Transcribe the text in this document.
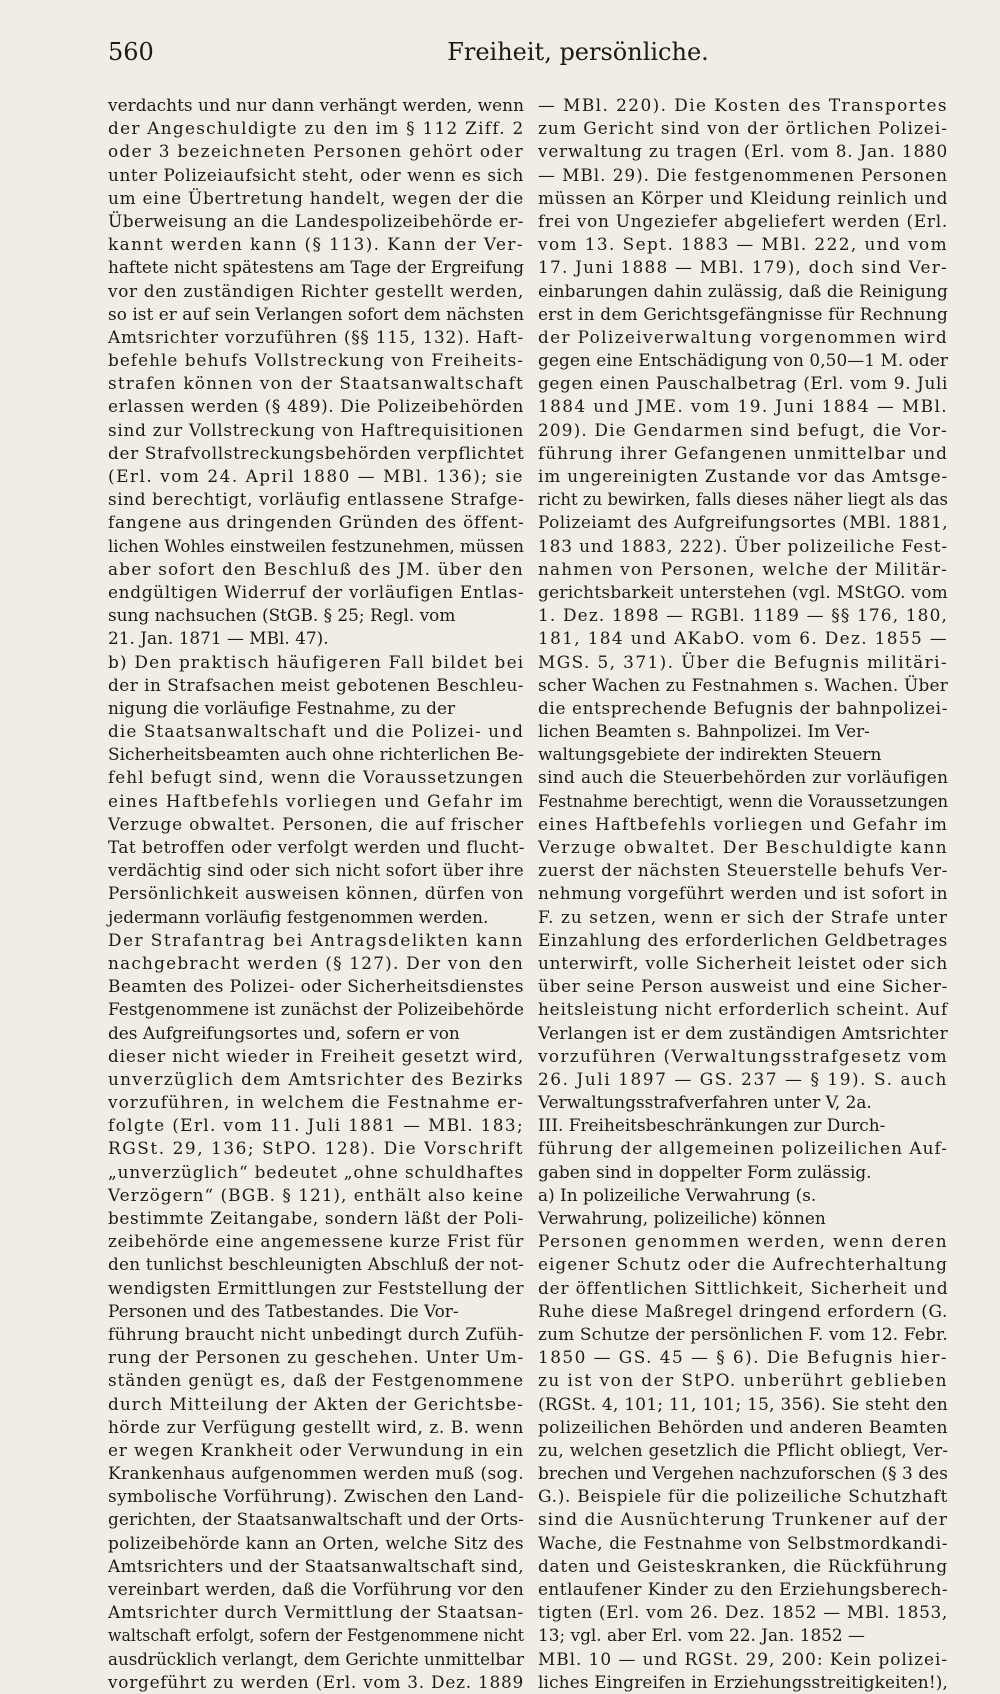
560	Freiheit, persönliche.
verdachts und nur dann verhängt werden, wenn
der Angeschuldigte zu den im § 112 Ziff. 2
oder 3 bezeichneten Personen gehört oder
unter Polizeiaufsicht steht, oder wenn es sich
um eine Übertretung handelt, wegen der die
Überweisung an die Landespolizeibehörde er-
kannt werden kann (§ 113). Kann der Ver-
haftete nicht spätestens am Tage der Ergreifung
vor den zuständigen Richter gestellt werden,
so ist er auf sein Verlangen sofort dem nächsten
Amtsrichter vorzuführen (§§ 115, 132). Haft-
befehle behufs Vollstreckung von Freiheits-
strafen können von der Staatsanwaltschaft
erlassen werden (§ 489). Die Polizeibehörden
sind zur Vollstreckung von Haftrequisitionen
der Strafvollstreckungsbehörden verpflichtet
(Erl. vom 24. April 1880 — MBl. 136); sie
sind berechtigt, vorläufig entlassene Strafge-
fangene aus dringenden Gründen des öffent-
lichen Wohles einstweilen festzunehmen, müssen
aber sofort den Beschluß des JM. über den
endgültigen Widerruf der vorläufigen Entlas-
sung nachsuchen (StGB. § 25; Regl. vom
21. Jan. 1871 — MBl. 47).
b) Den praktisch häufigeren Fall bildet bei
der in Strafsachen meist gebotenen Beschleu-
nigung die vorläufige Festnahme, zu der
die Staatsanwaltschaft und die Polizei- und
Sicherheitsbeamten auch ohne richterlichen Be-
fehl befugt sind, wenn die Voraussetzungen
eines Haftbefehls vorliegen und Gefahr im
Verzuge obwaltet. Personen, die auf frischer
Tat betroffen oder verfolgt werden und flucht-
verdächtig sind oder sich nicht sofort über ihre
Persönlichkeit ausweisen können, dürfen von
jedermann vorläufig festgenommen werden.
Der Strafantrag bei Antragsdelikten kann
nachgebracht werden (§ 127). Der von den
Beamten des Polizei- oder Sicherheitsdienstes
Festgenommene ist zunächst der Polizeibehörde
des Aufgreifungsortes und, sofern er von
dieser nicht wieder in Freiheit gesetzt wird,
unverzüglich dem Amtsrichter des Bezirks
vorzuführen, in welchem die Festnahme er-
folgte (Erl. vom 11. Juli 1881 — MBl. 183;
RGSt. 29, 136; StPO. 128). Die Vorschrift
„unverzüglich“ bedeutet „ohne schuldhaftes
Verzögern“ (BGB. § 121), enthält also keine
bestimmte Zeitangabe, sondern läßt der Poli-
zeibehörde eine angemessene kurze Frist für
den tunlichst beschleunigten Abschluß der not-
wendigsten Ermittlungen zur Feststellung der
Personen und des Tatbestandes. Die Vor-
führung braucht nicht unbedingt durch Zufüh-
rung der Personen zu geschehen. Unter Um-
ständen genügt es, daß der Festgenommene
durch Mitteilung der Akten der Gerichtsbe-
hörde zur Verfügung gestellt wird, z. B. wenn
er wegen Krankheit oder Verwundung in ein
Krankenhaus aufgenommen werden muß (sog.
symbolische Vorführung). Zwischen den Land-
gerichten, der Staatsanwaltschaft und der Orts-
polizeibehörde kann an Orten, welche Sitz des
Amtsrichters und der Staatsanwaltschaft sind,
vereinbart werden, daß die Vorführung vor den
Amtsrichter durch Vermittlung der Staatsan-
waltschaft erfolgt, sofern der Festgenommene nicht
ausdrücklich verlangt, dem Gerichte unmittelbar
vorgeführt zu werden (Erl. vom 3. Dez. 1889
— MBl. 220). Die Kosten des Transportes
zum Gericht sind von der örtlichen Polizei-
verwaltung zu tragen (Erl. vom 8. Jan. 1880
— MBl. 29). Die festgenommenen Personen
müssen an Körper und Kleidung reinlich und
frei von Ungeziefer abgeliefert werden (Erl.
vom 13. Sept. 1883 — MBl. 222, und vom
17. Juni 1888 — MBl. 179), doch sind Ver-
einbarungen dahin zulässig, daß die Reinigung
erst in dem Gerichtsgefängnisse für Rechnung
der Polizeiverwaltung vorgenommen wird
gegen eine Entschädigung von 0,50—1 M. oder
gegen einen Pauschalbetrag (Erl. vom 9. Juli
1884 und JME. vom 19. Juni 1884 — MBl.
209). Die Gendarmen sind befugt, die Vor-
führung ihrer Gefangenen unmittelbar und
im ungereinigten Zustande vor das Amtsge-
richt zu bewirken, falls dieses näher liegt als das
Polizeiamt des Aufgreifungsortes (MBl. 1881,
183 und 1883, 222). Über polizeiliche Fest-
nahmen von Personen, welche der Militär-
gerichtsbarkeit unterstehen (vgl. MStGO. vom
1. Dez. 1898 — RGBl. 1189 — §§ 176, 180,
181, 184 und AKabO. vom 6. Dez. 1855 —
MGS. 5, 371). Über die Befugnis militäri-
scher Wachen zu Festnahmen s. Wachen. Über
die entsprechende Befugnis der bahnpolizei-
lichen Beamten s. Bahnpolizei. Im Ver-
waltungsgebiete der indirekten Steuern
sind auch die Steuerbehörden zur vorläufigen
Festnahme berechtigt, wenn die Voraussetzungen
eines Haftbefehls vorliegen und Gefahr im
Verzuge obwaltet. Der Beschuldigte kann
zuerst der nächsten Steuerstelle behufs Ver-
nehmung vorgeführt werden und ist sofort in
F. zu setzen, wenn er sich der Strafe unter
Einzahlung des erforderlichen Geldbetrages
unterwirft, volle Sicherheit leistet oder sich
über seine Person ausweist und eine Sicher-
heitsleistung nicht erforderlich scheint. Auf
Verlangen ist er dem zuständigen Amtsrichter
vorzuführen (Verwaltungsstrafgesetz vom
26. Juli 1897 — GS. 237 — § 19). S. auch
Verwaltungsstrafverfahren unter V, 2a.
III. Freiheitsbeschränkungen zur Durch-
führung der allgemeinen polizeilichen Auf-
gaben sind in doppelter Form zulässig.
a) In polizeiliche Verwahrung (s.
Verwahrung, polizeiliche) können
Personen genommen werden, wenn deren
eigener Schutz oder die Aufrechterhaltung
der öffentlichen Sittlichkeit, Sicherheit und
Ruhe diese Maßregel dringend erfordern (G.
zum Schutze der persönlichen F. vom 12. Febr.
1850 — GS. 45 — § 6). Die Befugnis hier-
zu ist von der StPO. unberührt geblieben
(RGSt. 4, 101; 11, 101; 15, 356). Sie steht den
polizeilichen Behörden und anderen Beamten
zu, welchen gesetzlich die Pflicht obliegt, Ver-
brechen und Vergehen nachzuforschen (§ 3 des
G.). Beispiele für die polizeiliche Schutzhaft
sind die Ausnüchterung Trunkener auf der
Wache, die Festnahme von Selbstmordkandi-
daten und Geisteskranken, die Rückführung
entlaufener Kinder zu den Erziehungsberech-
tigten (Erl. vom 26. Dez. 1852 — MBl. 1853,
13; vgl. aber Erl. vom 22. Jan. 1852 —
MBl. 10 — und RGSt. 29, 200: Kein polizei-
liches Eingreifen in Erziehungsstreitigkeiten!),
